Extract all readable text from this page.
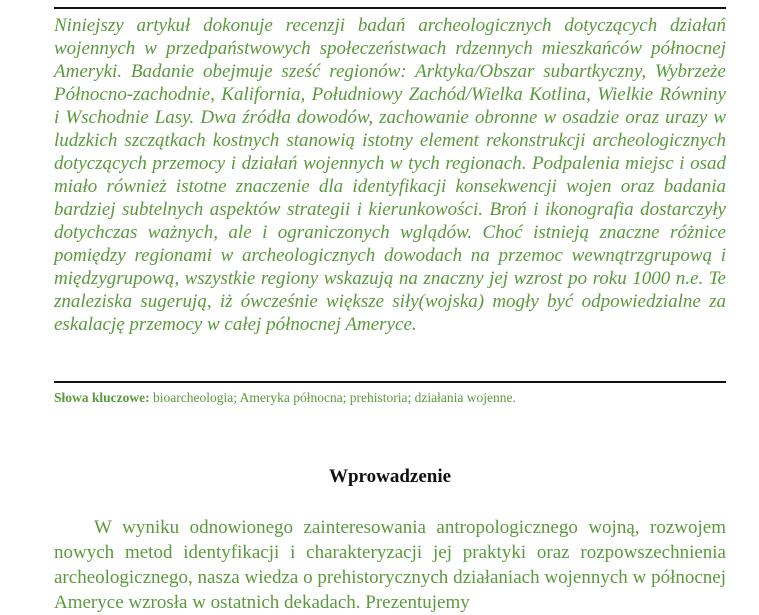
Niniejszy artykuł dokonuje recenzji badań archeologicznych dotyczących działań wojennych w przedpaństwowych społeczeństwach rdzennych mieszkańców północnej Ameryki. Badanie obejmuje sześć regionów: Arktyka/Obszar subartkyczny, Wybrzeże Północno-zachodnie, Kalifornia, Południowy Zachód/Wielka Kotlina, Wielkie Równiny i Wschodnie Lasy. Dwa źródła dowodów, zachowanie obronne w osadzie oraz urazy w ludzkich szczątkach kostnych stanowią istotny element rekonstrukcji archeologicznych dotyczących przemocy i działań wojennych w tych regionach. Podpalenia miejsc i osad miało również istotne znaczenie dla identyfikacji konsekwencji wojen oraz badania bardziej subtelnych aspektów strategii i kierunkowości. Broń i ikonografia dostarczyły dotychczas ważnych, ale i ograniczonych wglądów. Choć istnieją znaczne różnice pomiędzy regionami w archeologicznych dowodach na przemoc wewnątrzgrupową i międzygrupową, wszystkie regiony wskazują na znaczny jej wzrost po roku 1000 n.e. Te znaleziska sugerują, iż ówcześnie większe siły(wojska) mogły być odpowiedzialne za eskalację przemocy w całej północnej Ameryce.

Słowa kluczowe: bioarcheologia; Ameryka północna; prehistoria; działania wojenne.

Wprowadzenie

W wyniku odnowionego zainteresowania antropologicznego wojną, rozwojem nowych metod identyfikacji i charakteryzacji jej praktyki oraz rozpowszechnienia archeologicznego, nasza wiedza o prehistorycznych działaniach wojennych w północnej Ameryce wzrosła w ostatnich dekadach. Prezentujemy
